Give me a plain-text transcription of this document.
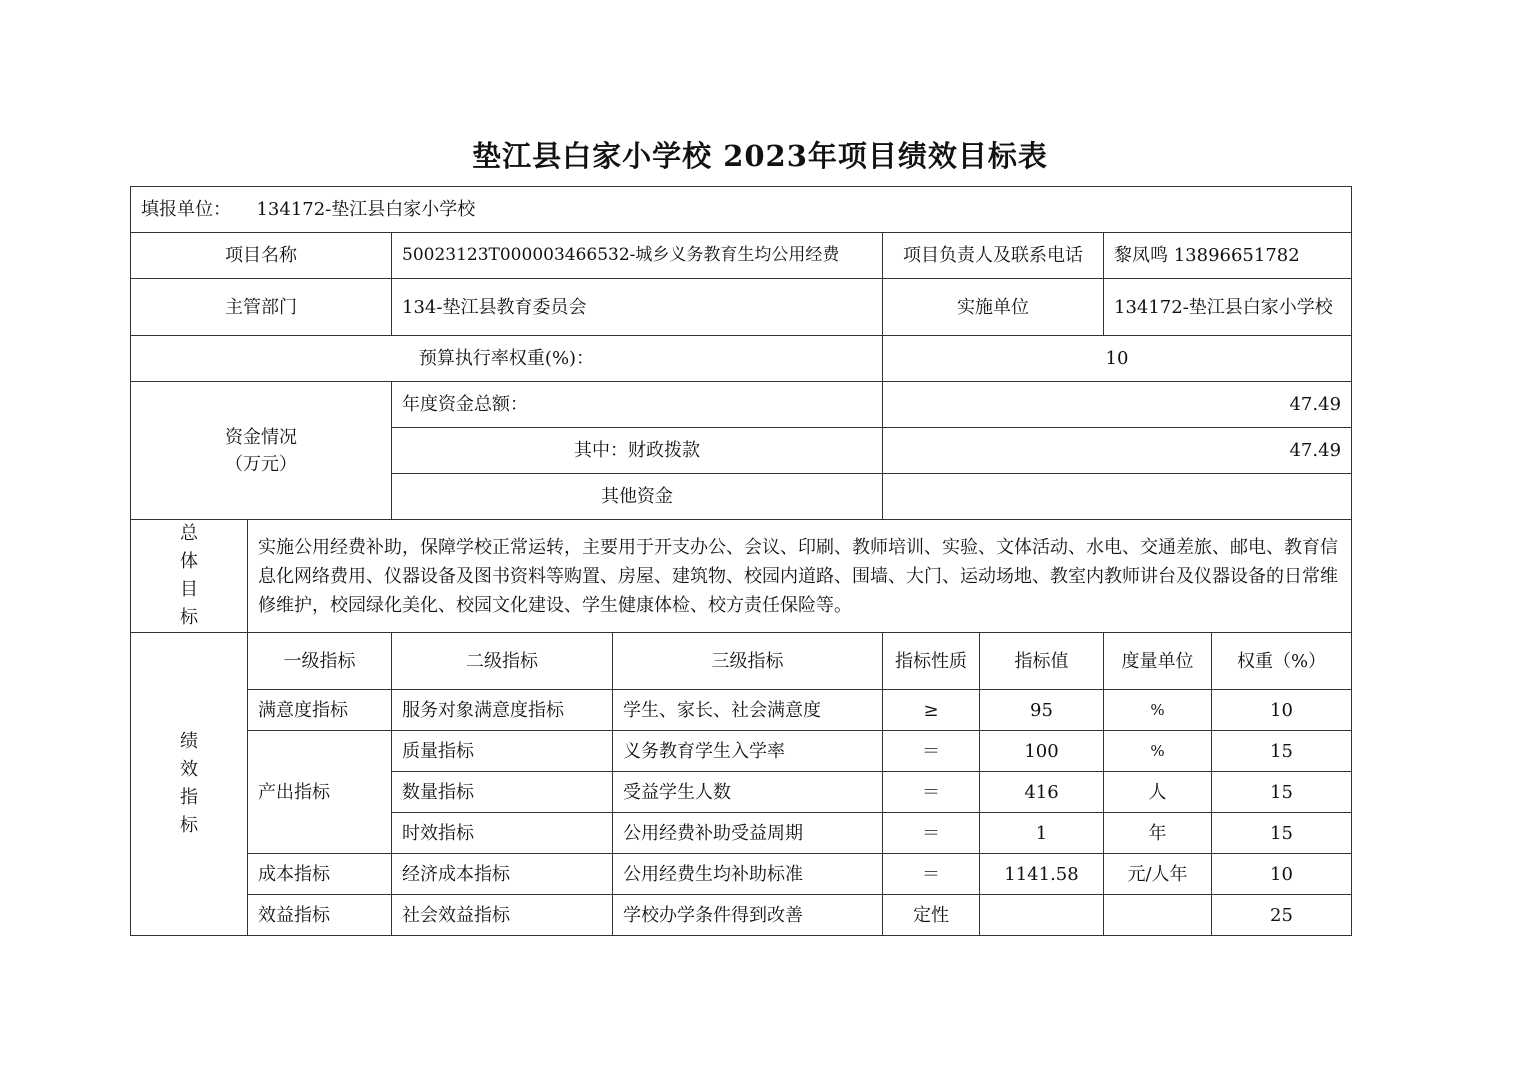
垫江县白家小学校 2023年项目绩效目标表
填报单位： 134172-垫江县白家小学校							
项目名称		50023123T000003466532-城乡义务教育生均公用经费		项目负责人及联系电话		黎凤鸣 13896651782	
主管部门		134-垫江县教育委员会		实施单位		134172-垫江县白家小学校	
预算执行率权重(%)：				10			

资金情况
（万元）		年度资金总额：		47.49			
		其中：财政拨款		47.49			
		其他资金					

总
体
目
标	实施公用经费补助，保障学校正常运转，主要用于开支办公、会议、印刷、教师培训、实验、文体活动、水电、交通差旅、邮电、教育信息化网络费用、仪器设备及图书资料等购置、房屋、建筑物、校园内道路、围墙、大门、运动场地、教室内教师讲台及仪器设备的日常维修维护，校园绿化美化、校园文化建设、学生健康体检、校方责任保险等。						

绩
效
指
标	一级指标	二级指标	三级指标	指标性质	指标值	度量单位	权重（%）
	满意度指标	服务对象满意度指标	学生、家长、社会满意度	≥	95	%	10
	产出指标	质量指标	义务教育学生入学率	＝	100	%	15
		数量指标	受益学生人数	＝	416	人	15
		时效指标	公用经费补助受益周期	＝	1	年	15
	成本指标	经济成本指标	公用经费生均补助标准	＝	1141.58	元/人年	10
	效益指标	社会效益指标	学校办学条件得到改善	定性			25
